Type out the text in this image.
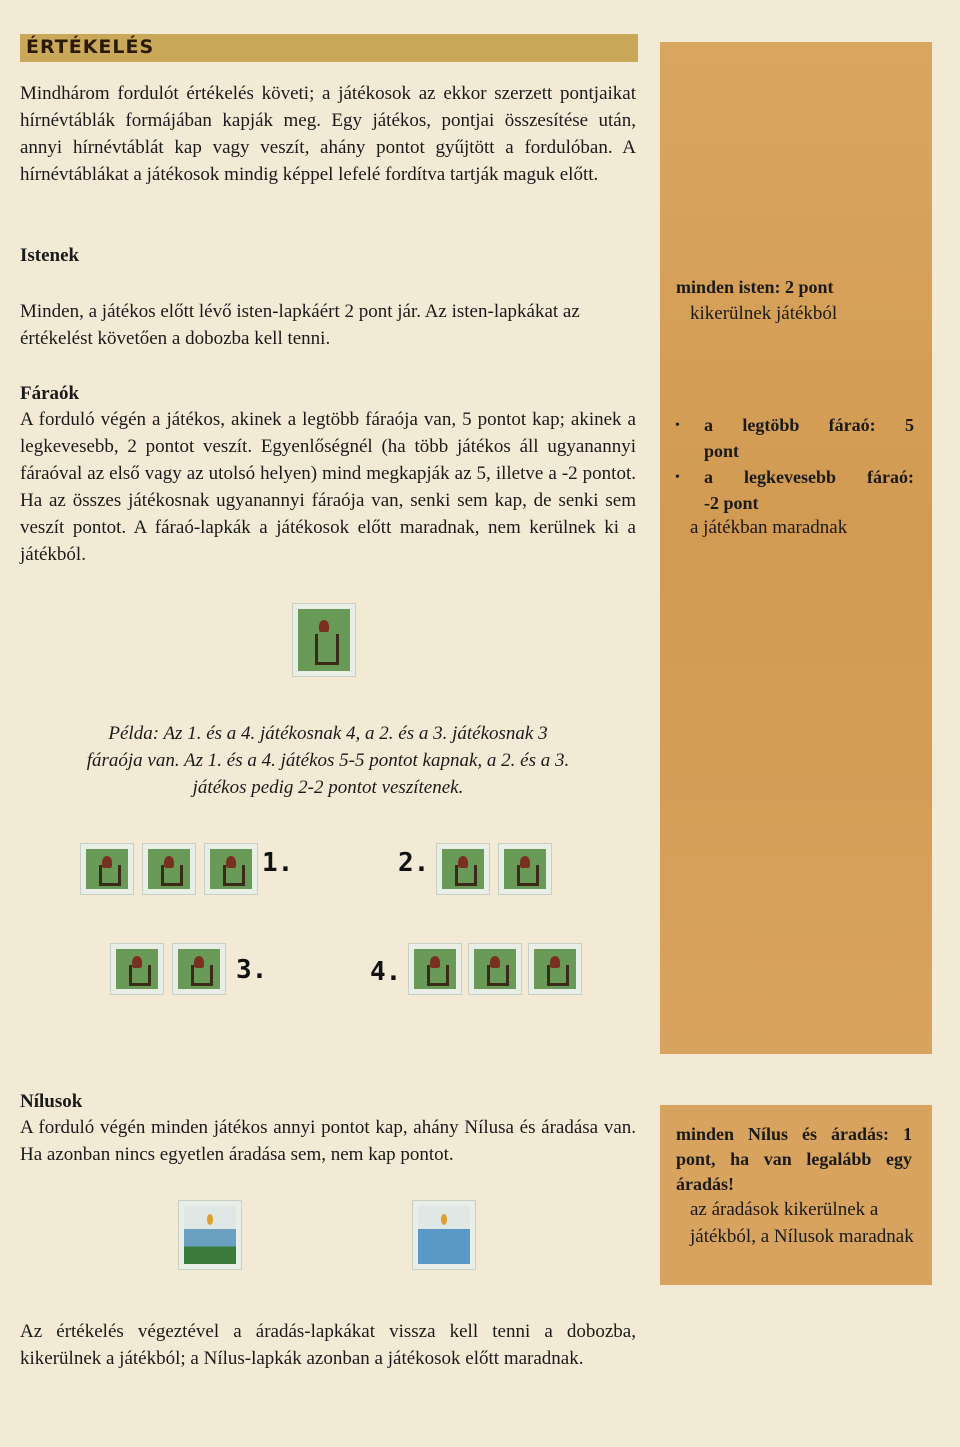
ÉRTÉKELÉS
Mindhárom fordulót értékelés követi; a játékosok az ekkor szerzett pontjaikat hírnévtáblák formájában kapják meg. Egy játékos, pontjai összesítése után, annyi hírnévtáblát kap vagy veszít, ahány pontot gyűjtött a fordulóban. A hírnévtáblákat a játékosok mindig képpel lefelé fordítva tartják maguk előtt.
Istenek
Minden, a játékos előtt lévő isten-lapkáért 2 pont jár. Az isten-lapkákat az értékelést követően a dobozba kell tenni.
minden isten: 2 pont
kikerülnek játékból
Fáraók
A forduló végén a játékos, akinek a legtöbb fáraója van, 5 pontot kap; akinek a legkevesebb, 2 pontot veszít. Egyenlőségnél (ha több játékos áll ugyanannyi fáraóval az első vagy az utolsó helyen) mind megkapják az 5, illetve a -2 pontot. Ha az összes játékosnak ugyanannyi fáraója van, senki sem kap, de senki sem veszít pontot. A fáraó-lapkák a játékosok előtt maradnak, nem kerülnek ki a játékból.
• a legtöbb fáraó: 5
pont
• a legkevesebb fáraó:
-2 pont
a játékban maradnak
Példa: Az 1. és a 4. játékosnak 4, a 2. és a 3. játékosnak 3
fáraója van. Az 1. és a 4. játékos 5-5 pontot kapnak, a 2. és a 3.
játékos pedig 2-2 pontot veszítenek.
1.	2.
3.	4.
Nílusok
A forduló végén minden játékos annyi pontot kap, ahány Nílusa és áradása van. Ha azonban nincs egyetlen áradása sem, nem kap pontot.
minden Nílus és áradás: 1 pont, ha van legalább egy áradás!
az áradások kikerülnek a játékból, a Nílusok maradnak
Az értékelés végeztével a áradás-lapkákat vissza kell tenni a dobozba, kikerülnek a játékból; a Nílus-lapkák azonban a játékosok előtt maradnak.
